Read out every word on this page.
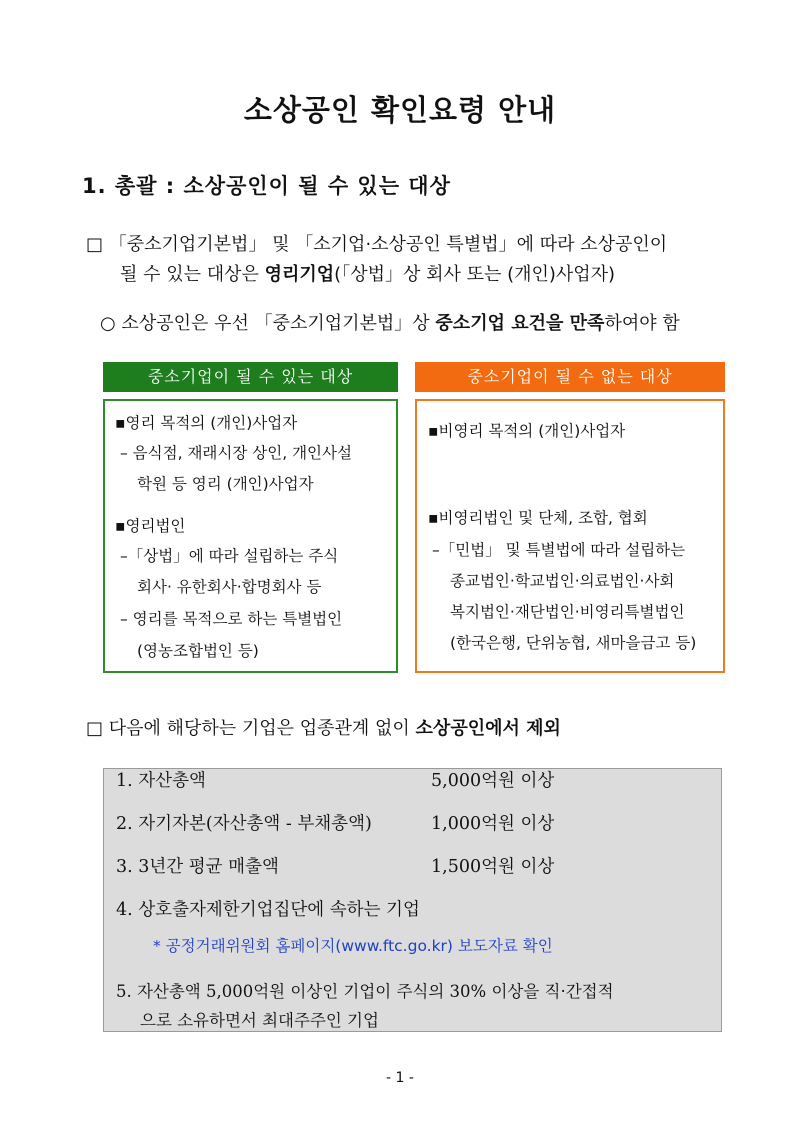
소상공인 확인요령 안내
1. 총괄 : 소상공인이 될 수 있는 대상
□ 「중소기업기본법」 및 「소기업·소상공인 특별법」에 따라 소상공인이
될 수 있는 대상은 영리기업(「상법」상 회사 또는 (개인)사업자)
○ 소상공인은 우선 「중소기업기본법」상 중소기업 요건을 만족하여야 함
중소기업이 될 수 있는 대상	중소기업이 될 수 없는 대상
▪영리 목적의 (개인)사업자
– 음식점, 재래시장 상인, 개인사설
학원 등 영리 (개인)사업자
▪영리법인
–「상법」에 따라 설립하는 주식
회사· 유한회사·합명회사 등
– 영리를 목적으로 하는 특별법인
(영농조합법인 등)
▪비영리 목적의 (개인)사업자
▪비영리법인 및 단체, 조합, 협회
–「민법」 및 특별법에 따라 설립하는
종교법인·학교법인·의료법인·사회
복지법인·재단법인·비영리특별법인
(한국은행, 단위농협, 새마을금고 등)
□ 다음에 해당하는 기업은 업종관계 없이 소상공인에서 제외
1. 자산총액	5,000억원 이상
2. 자기자본(자산총액 - 부채총액)	1,000억원 이상
3. 3년간 평균 매출액	1,500억원 이상
4. 상호출자제한기업집단에 속하는 기업
* 공정거래위원회 홈페이지(www.ftc.go.kr) 보도자료 확인
5. 자산총액 5,000억원 이상인 기업이 주식의 30% 이상을 직·간접적
으로 소유하면서 최대주주인 기업
- 1 -
